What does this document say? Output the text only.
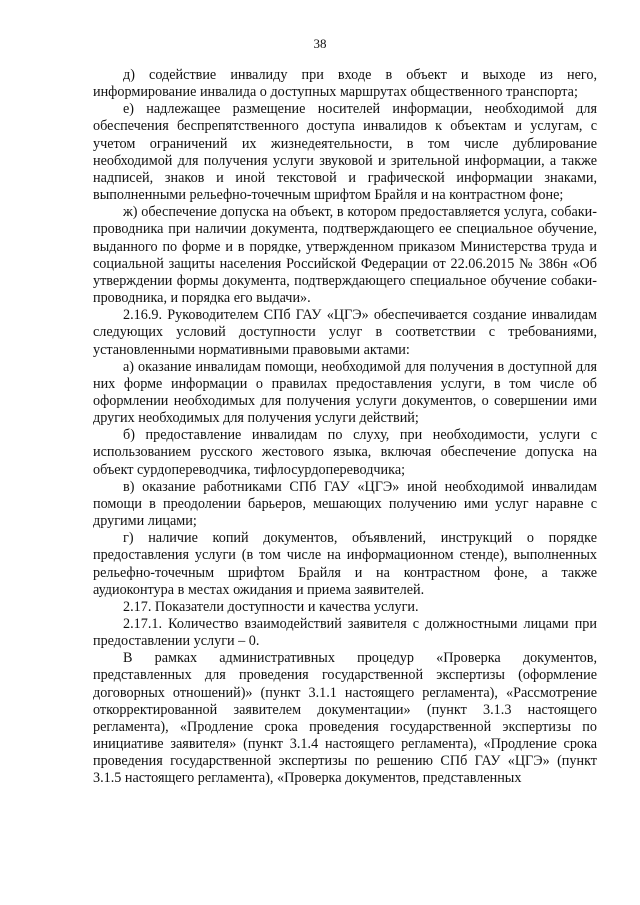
38

д) содействие инвалиду при входе в объект и выходе из него, информирование инвалида о доступных маршрутах общественного транспорта;

е) надлежащее размещение носителей информации, необходимой для обеспечения беспрепятственного доступа инвалидов к объектам и услугам, с учетом ограничений их жизнедеятельности, в том числе дублирование необходимой для получения услуги звуковой и зрительной информации, а также надписей, знаков и иной текстовой и графической информации знаками, выполненными рельефно-точечным шрифтом Брайля и на контрастном фоне;

ж) обеспечение допуска на объект, в котором предоставляется услуга, собаки-проводника при наличии документа, подтверждающего ее специальное обучение, выданного по форме и в порядке, утвержденном приказом Министерства труда и социальной защиты населения Российской Федерации от 22.06.2015 № 386н «Об утверждении формы документа, подтверждающего специальное обучение собаки-проводника, и порядка его выдачи».

2.16.9. Руководителем СПб ГАУ «ЦГЭ» обеспечивается создание инвалидам следующих условий доступности услуг в соответствии с требованиями, установленными нормативными правовыми актами:

а) оказание инвалидам помощи, необходимой для получения в доступной для них форме информации о правилах предоставления услуги, в том числе об оформлении необходимых для получения услуги документов, о совершении ими других необходимых для получения услуги действий;

б) предоставление инвалидам по слуху, при необходимости, услуги с использованием русского жестового языка, включая обеспечение допуска на объект сурдопереводчика, тифлосурдопереводчика;

в) оказание работниками СПб ГАУ «ЦГЭ» иной необходимой инвалидам помощи в преодолении барьеров, мешающих получению ими услуг наравне с другими лицами;

г) наличие копий документов, объявлений, инструкций о порядке предоставления услуги (в том числе на информационном стенде), выполненных рельефно-точечным шрифтом Брайля и на контрастном фоне, а также аудиоконтура в местах ожидания и приема заявителей.

2.17. Показатели доступности и качества услуги.

2.17.1. Количество взаимодействий заявителя с должностными лицами при предоставлении услуги – 0.

В рамках административных процедур «Проверка документов, представленных для проведения государственной экспертизы (оформление договорных отношений)» (пункт 3.1.1 настоящего регламента), «Рассмотрение откорректированной заявителем документации» (пункт 3.1.3 настоящего регламента), «Продление срока проведения государственной экспертизы по инициативе заявителя» (пункт 3.1.4 настоящего регламента), «Продление срока проведения государственной экспертизы по решению СПб ГАУ «ЦГЭ» (пункт 3.1.5 настоящего регламента), «Проверка документов, представленных
